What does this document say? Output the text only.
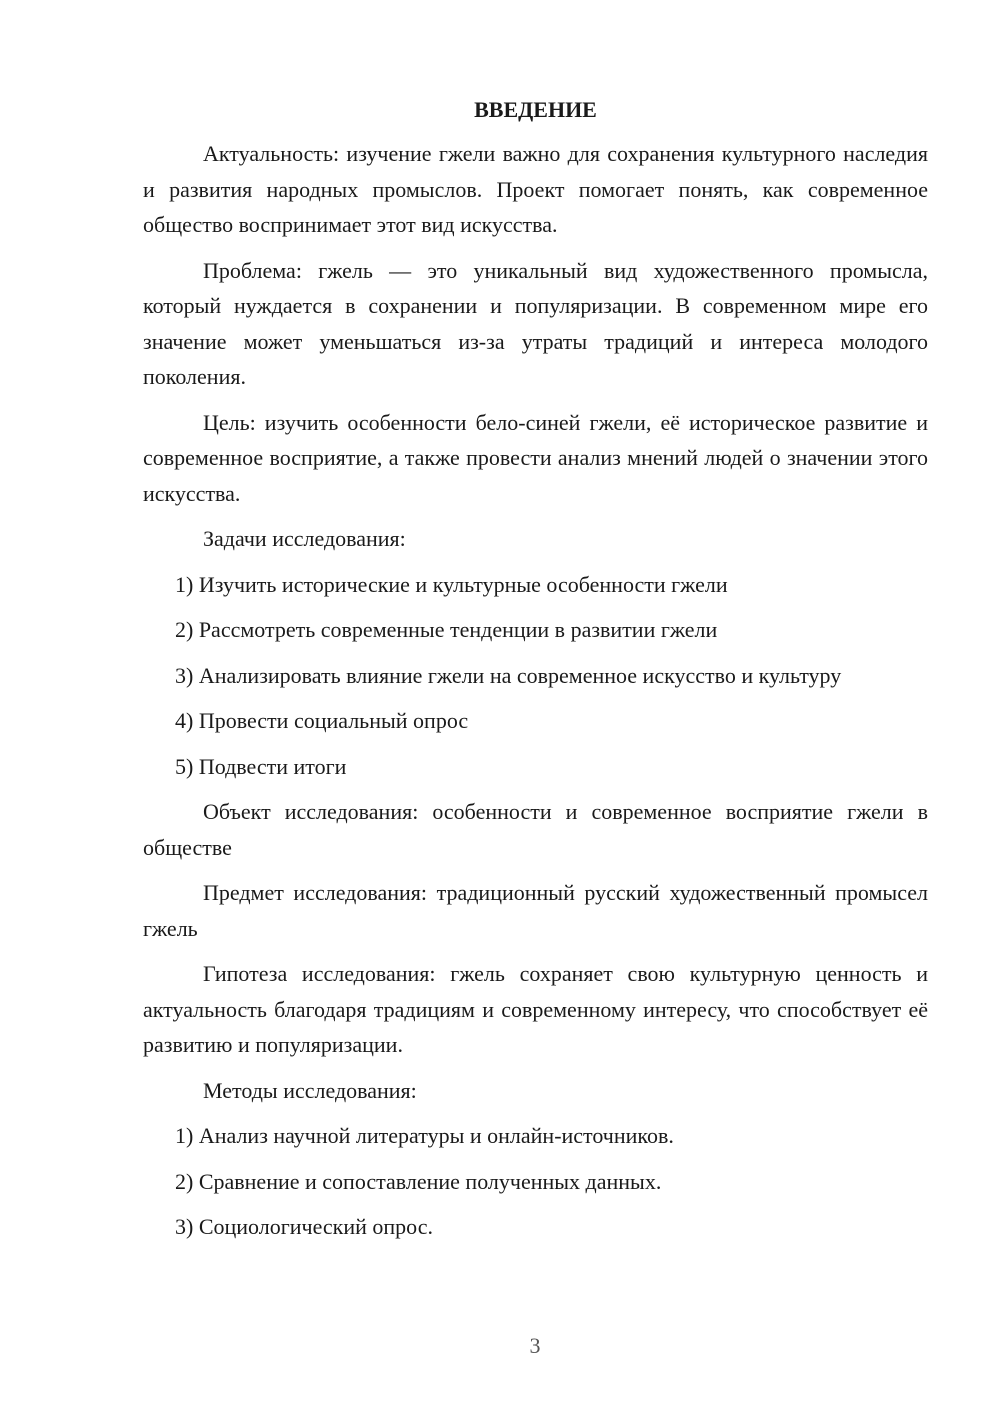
ВВЕДЕНИЕ

Актуальность: изучение гжели важно для сохранения культурного наследия и развития народных промыслов. Проект помогает понять, как современное общество воспринимает этот вид искусства.

Проблема: гжель — это уникальный вид художественного промысла, который нуждается в сохранении и популяризации. В современном мире его значение может уменьшаться из-за утраты традиций и интереса молодого поколения.

Цель: изучить особенности бело-синей гжели, её историческое развитие и современное восприятие, а также провести анализ мнений людей о значении этого искусства.

Задачи исследования:

1) Изучить исторические и культурные особенности гжели
2) Рассмотреть современные тенденции в развитии гжели
3) Анализировать влияние гжели на современное искусство и культуру
4) Провести социальный опрос
5) Подвести итоги

Объект исследования: особенности и современное восприятие гжели в обществе

Предмет исследования: традиционный русский художественный промысел гжель

Гипотеза исследования: гжель сохраняет свою культурную ценность и актуальность благодаря традициям и современному интересу, что способствует её развитию и популяризации.

Методы исследования:

1) Анализ научной литературы и онлайн-источников.
2) Сравнение и сопоставление полученных данных.
3) Социологический опрос.
3
